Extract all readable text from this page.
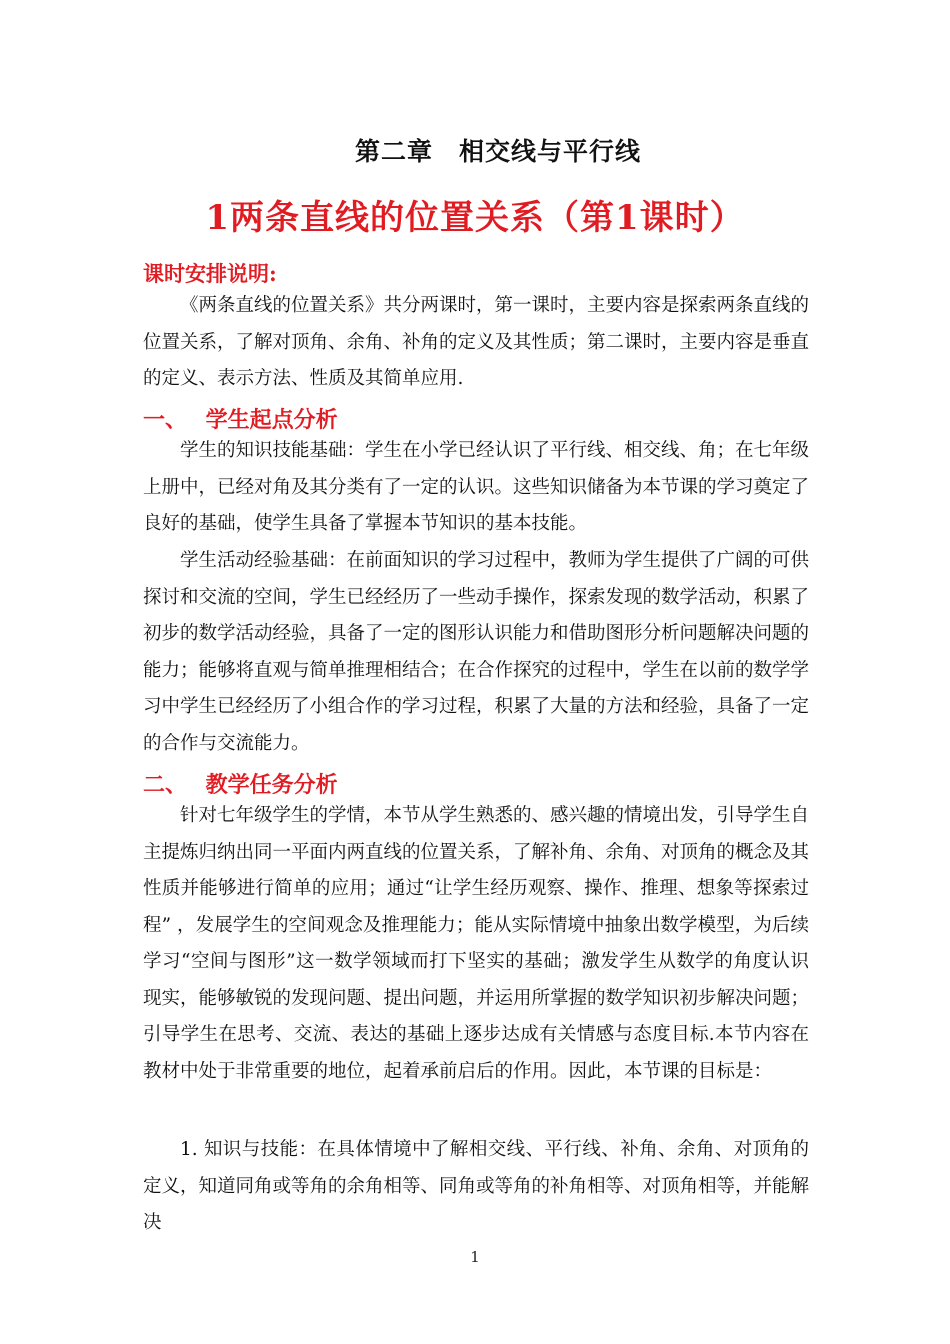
第二章　相交线与平行线
1两条直线的位置关系（第1课时）
课时安排说明:

《两条直线的位置关系》共分两课时，第一课时，主要内容是探索两条直线的位置关系，了解对顶角、余角、补角的定义及其性质；第二课时，主要内容是垂直的定义、表示方法、性质及其简单应用.

一、　 学生起点分析

学生的知识技能基础：学生在小学已经认识了平行线、相交线、角；在七年级上册中，已经对角及其分类有了一定的认识。这些知识储备为本节课的学习奠定了良好的基础，使学生具备了掌握本节知识的基本技能。

学生活动经验基础：在前面知识的学习过程中，教师为学生提供了广阔的可供探讨和交流的空间，学生已经经历了一些动手操作，探索发现的数学活动，积累了初步的数学活动经验，具备了一定的图形认识能力和借助图形分析问题解决问题的能力；能够将直观与简单推理相结合；在合作探究的过程中，学生在以前的数学学习中学生已经经历了小组合作的学习过程，积累了大量的方法和经验，具备了一定的合作与交流能力。

二、　 教学任务分析

针对七年级学生的学情，本节从学生熟悉的、感兴趣的情境出发，引导学生自主提炼归纳出同一平面内两直线的位置关系，了解补角、余角、对顶角的概念及其性质并能够进行简单的应用；通过“让学生经历观察、操作、推理、想象等探索过程” ，发展学生的空间观念及推理能力；能从实际情境中抽象出数学模型，为后续学习“空间与图形”这一数学领域而打下坚实的基础；激发学生从数学的角度认识现实，能够敏锐的发现问题、提出问题，并运用所掌握的数学知识初步解决问题；引导学生在思考、交流、表达的基础上逐步达成有关情感与态度目标.本节内容在教材中处于非常重要的地位，起着承前启后的作用。因此，本节课的目标是：

1. 知识与技能：在具体情境中了解相交线、平行线、补角、余角、对顶角的定义，知道同角或等角的余角相等、同角或等角的补角相等、对顶角相等，并能解决

1
